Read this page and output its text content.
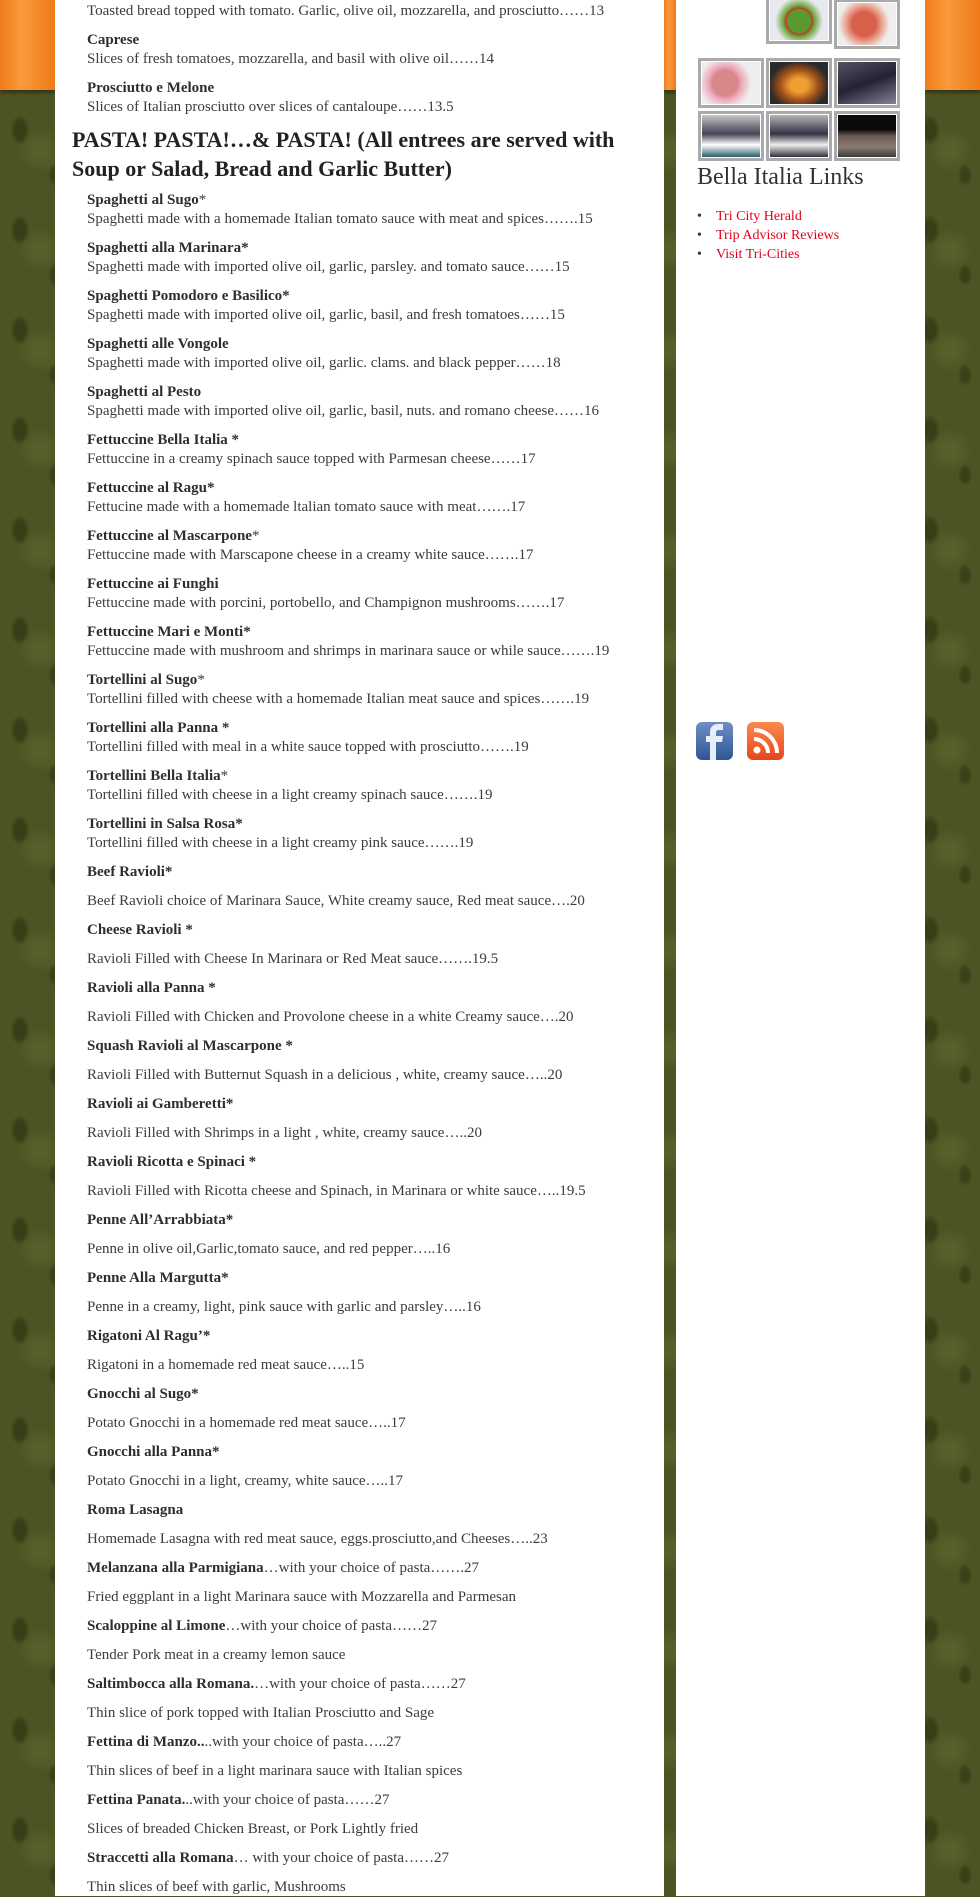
Toasted bread topped with tomato. Garlic, olive oil, mozzarella, and prosciutto……13

Caprese
Slices of fresh tomatoes, mozzarella, and basil with olive oil……14

Prosciutto e Melone
Slices of Italian prosciutto over slices of cantaloupe……13.5

PASTA! PASTA!…& PASTA! (All entrees are served with Soup or Salad, Bread and Garlic Butter)

Spaghetti al Sugo*
Spaghetti made with a homemade Italian tomato sauce with meat and spices…….15

Spaghetti alla Marinara*
Spaghetti made with imported olive oil, garlic, parsley. and tomato sauce……15

Spaghetti Pomodoro e Basilico*
Spaghetti made with imported olive oil, garlic, basil, and fresh tomatoes……15

Spaghetti alle Vongole
Spaghetti made with imported olive oil, garlic. clams. and black pepper……18

Spaghetti al Pesto
Spaghetti made with imported olive oil, garlic, basil, nuts. and romano cheese……16

Fettuccine Bella Italia *
Fettuccine in a creamy spinach sauce topped with Parmesan cheese……17

Fettuccine al Ragu*
Fettucine made with a homemade ltalian tomato sauce with meat…….17

Fettuccine al Mascarpone*
Fettuccine made with Marscapone cheese in a creamy white sauce…….17

Fettuccine ai Funghi
Fettuccine made with porcini, portobello, and Champignon mushrooms…….17

Fettuccine Mari e Monti*
Fettuccine made with mushroom and shrimps in marinara sauce or while sauce…….19

Tortellini al Sugo*
Tortellini filled with cheese with a homemade Italian meat sauce and spices…….19

Tortellini alla Panna *
Tortellini filled with meal in a white sauce topped with prosciutto…….19

Tortellini Bella Italia*
Tortellini filled with cheese in a light creamy spinach sauce…….19

Tortellini in Salsa Rosa*
Tortellini filled with cheese in a light creamy pink sauce…….19

Beef Ravioli*

Beef Ravioli choice of Marinara Sauce, White creamy sauce, Red meat sauce….20

Cheese Ravioli *

Ravioli Filled with Cheese In Marinara or Red Meat sauce…….19.5

Ravioli alla Panna *

Ravioli Filled with Chicken and Provolone cheese in a white Creamy sauce….20

Squash Ravioli al Mascarpone *

Ravioli Filled with Butternut Squash in a delicious , white, creamy sauce…..20

Ravioli ai Gamberetti*

Ravioli Filled with Shrimps in a light , white, creamy sauce…..20

Ravioli Ricotta e Spinaci *

Ravioli Filled with Ricotta cheese and Spinach, in Marinara or white sauce…..19.5

Penne All’Arrabbiata*

Penne in olive oil,Garlic,tomato sauce, and red pepper…..16

Penne Alla Margutta*

Penne in a creamy, light, pink sauce with garlic and parsley…..16

Rigatoni Al Ragu’*

Rigatoni in a homemade red meat sauce…..15

Gnocchi al Sugo*

Potato Gnocchi in a homemade red meat sauce…..17

Gnocchi alla Panna*

Potato Gnocchi in a light, creamy, white sauce…..17

Roma Lasagna

Homemade Lasagna with red meat sauce, eggs.prosciutto,and Cheeses…..23

Melanzana alla Parmigiana…with your choice of pasta…….27

Fried eggplant in a light Marinara sauce with Mozzarella and Parmesan

Scaloppine al Limone…with your choice of pasta……27

Tender Pork meat in a creamy lemon sauce

Saltimbocca alla Romana.…with your choice of pasta……27

Thin slice of pork topped with Italian Prosciutto and Sage

Fettina di Manzo....with your choice of pasta…..27

Thin slices of beef in a light marinara sauce with Italian spices

Fettina Panata...with your choice of pasta……27

Slices of breaded Chicken Breast, or Pork Lightly fried

Straccetti alla Romana… with your choice of pasta……27

Thin slices of beef with garlic, Mushrooms

Bella Italia Links
• Tri City Herald
• Trip Advisor Reviews
• Visit Tri-Cities
